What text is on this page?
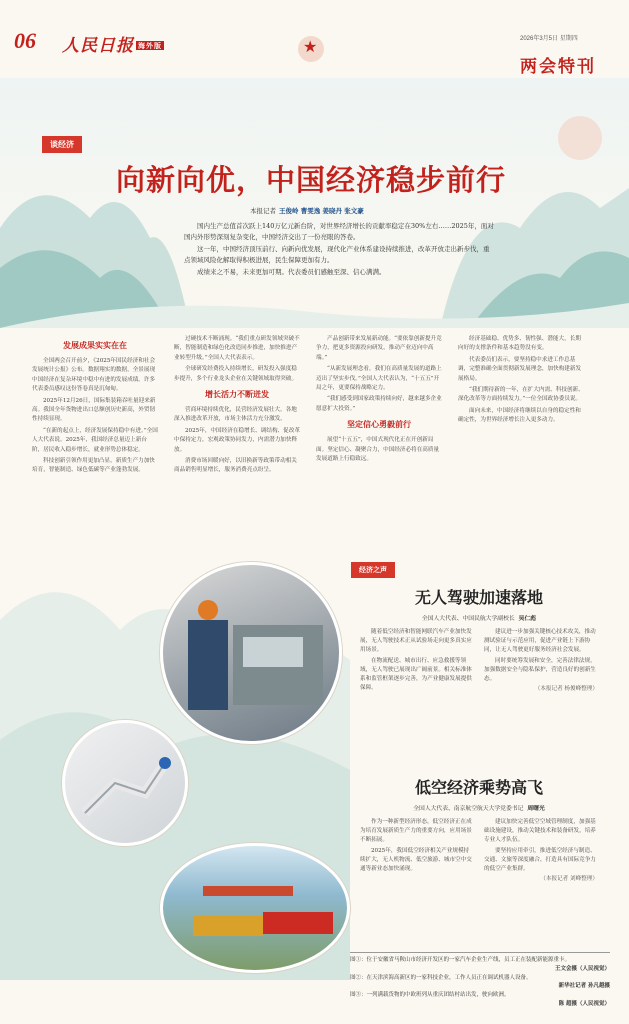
06 人民日报 海外版
★
2026年3月5日 星期四
两会特刊
谈经济
向新向优，中国经济稳步前行
本报记者 王俊岭 曹雯逸 姜晓丹 张文豪

国内生产总值首次跃上140万亿元新台阶，对世界经济增长的贡献率稳定在30%左右……2025年，面对国内外形势深刻复杂变化，中国经济交出了一份亮眼的答卷。

这一年，中国经济顶压前行、向新向优发展，现代化产业体系建设持续推进，改革开放走出新步伐，重点领域风险化解取得积极进展，民生保障更加有力。

成绩来之不易，未来更加可期。代表委员们感触至深、信心满满。

发展成果实实在在

全国两会召开前夕，《2025年国民经济和社会发展统计公报》公布。数据翔实的数据，全景展现中国经济在复杂环境中稳中有进的发展成绩。许多代表委员感叹这份答卷真是沉甸甸。

2025年12月26日，国际集装箱吞吐量迎来新高。我国全年货物进出口总额创历史新高，外贸韧性持续显现。

“在新的起点上，经济发展保持稳中有进。”全国人大代表说。2025年，我国经济总量迈上新台阶，居民收入稳步增长，就业形势总体稳定。

科技创新引领作用更加凸显，新质生产力加快培育，智能制造、绿色低碳等产业蓬勃发展。

过硬技术不断涌现。“我们重点研发领域突破不断，智能制造和绿色化改造同步推进，加快推进产业转型升级。”全国人大代表表示。

全球研发经费投入持续增长，研发投入强度稳步提升，多个行业龙头企业在关键领域取得突破。

增长活力不断迸发

营商环境持续优化，民营经济发展壮大。各地深入推进改革开放，市场主体活力充分激发。

2025年，中国经济在稳增长、调结构、促改革中保持定力，宏观政策协同发力，内需潜力加快释放。

消费市场回暖向好，以旧换新等政策带动相关商品销售明显增长，服务消费亮点纷呈。

产品创新带来发展新动能。“要依靠创新提升竞争力，把更多资源投向研发，推动产业迈向中高端。”

“从新发展理念看，我们在高质量发展的道路上迈出了坚实步伐。”全国人大代表认为，“十五五”开局之年，更要保持战略定力。

“我们感受到国家政策持续向好，越来越多企业愿意扩大投资。”

坚定信心勇毅前行

展望“十五五”，中国式现代化正在开创新局面。坚定信心、凝聚合力，中国经济必将在高质量发展道路上行稳致远。

经济基础稳、优势多、韧性强、潜能大，长期向好的支撑条件和基本趋势没有变。

代表委员们表示，要坚持稳中求进工作总基调，完整准确全面贯彻新发展理念，加快构建新发展格局。

“我们期待新的一年，在扩大内需、科技创新、深化改革等方面持续发力。”一位全国政协委员说。

面向未来，中国经济将继续以自身的稳定性和确定性，为世界经济增长注入更多动力。

经济之声
无人驾驶加速落地
全国人大代表、中国民航大学副校长 吴仁彪

随着低空经济和智能网联汽车产业加快发展，无人驾驶技术正从试验场走向更多真实应用场景。

在物流配送、城市出行、应急救援等领域，无人驾驶已展现出广阔前景。相关标准体系和监管框架逐步完善，为产业健康发展提供保障。

建议进一步加强关键核心技术攻关，推动测试验证与示范应用，促进产业链上下游协同，让无人驾驶更好服务经济社会发展。

同时要统筹发展和安全，完善法律法规，加强数据安全与隐私保护，营造良好的创新生态。

（本报记者 杨俊峰整理）
低空经济乘势高飞
全国人大代表、南京航空航天大学党委书记 周曙光

作为一种新型经济形态，低空经济正在成为培育发展新质生产力的重要方向，应用场景不断拓展。

2025年，我国低空经济相关产业规模持续扩大，无人机物流、低空旅游、城市空中交通等新业态加快涌现。

建议加快完善低空空域管理制度，加强基础设施建设，推动关键技术和装备研发，培养专业人才队伍。

要坚持应用牵引，推进低空经济与制造、交通、文旅等深度融合，打造具有国际竞争力的低空产业集群。

（本报记者 刘峰整理）
图①：位于安徽省马鞍山市经济开发区的一家汽车企业生产线，员工正在装配新能源重卡。
王文会摄（人民视觉）
图②：在天津滨海高新区的一家科技企业，工作人员正在调试机器人设备。
新华社记者 孙凡越摄
图③：一列满载货物的中欧班列从重庆团结村站出发，驶向欧洲。
陈 超摄（人民视觉）
